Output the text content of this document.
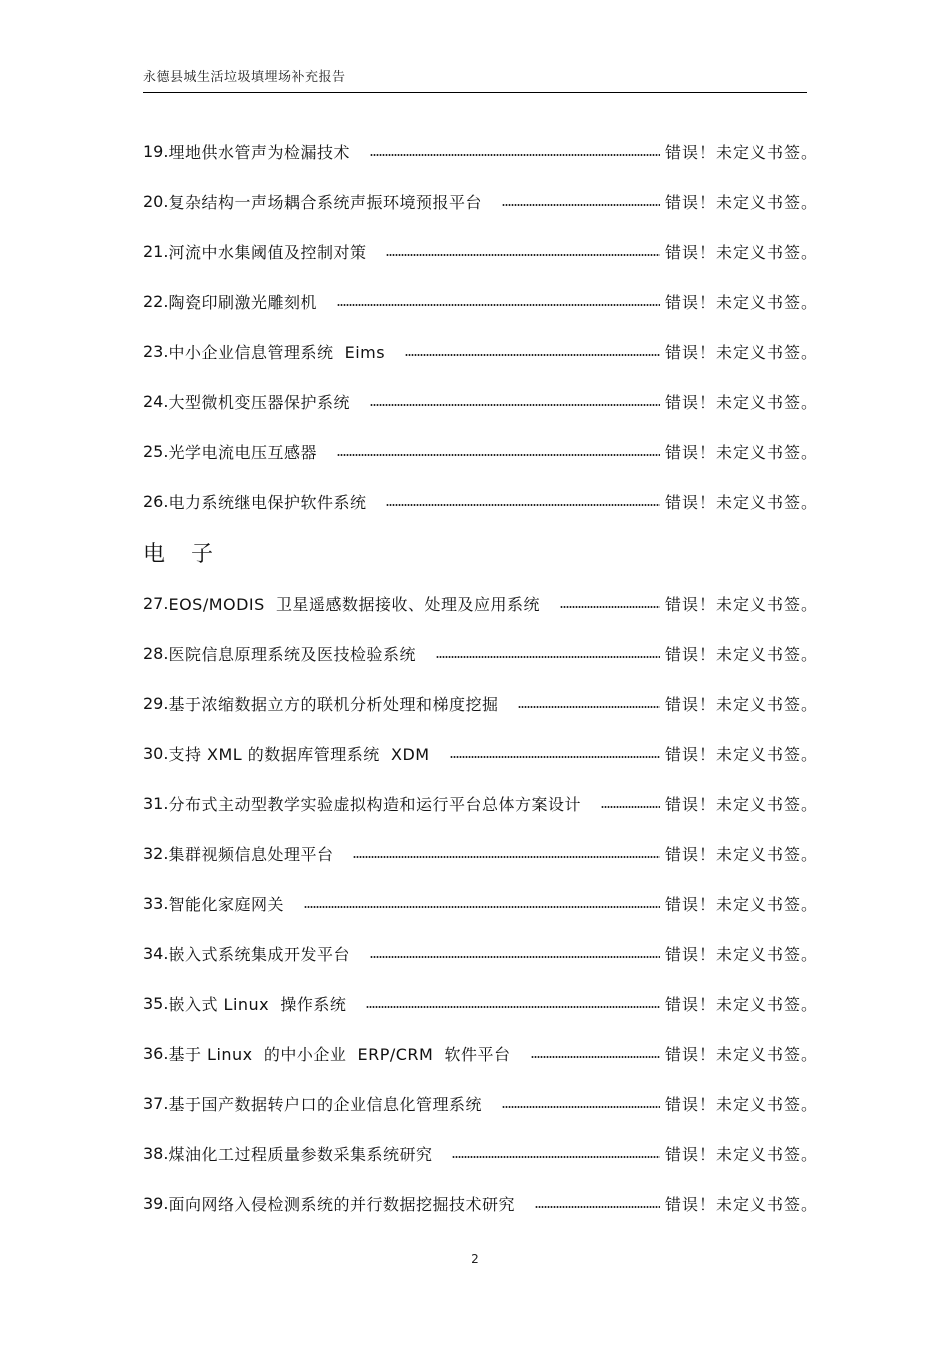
永德县城生活垃圾填埋场补充报告
19. 埋地供水管声为检漏技术	错误！未定义书签。
20. 复杂结构一声场耦合系统声振环境预报平台	错误！未定义书签。
21. 河流中水集阈值及控制对策	错误！未定义书签。
22. 陶瓷印刷激光雕刻机	错误！未定义书签。
23. 中小企业信息管理系统  Eims	错误！未定义书签。
24. 大型微机变压器保护系统	错误！未定义书签。
25. 光学电流电压互感器	错误！未定义书签。
26. 电力系统继电保护软件系统	错误！未定义书签。
电子
27. EOS/MODIS  卫星遥感数据接收、处理及应用系统	错误！未定义书签。
28. 医院信息原理系统及医技检验系统	错误！未定义书签。
29. 基于浓缩数据立方的联机分析处理和梯度挖掘	错误！未定义书签。
30. 支持 XML 的数据库管理系统  XDM	错误！未定义书签。
31. 分布式主动型教学实验虚拟构造和运行平台总体方案设计	错误！未定义书签。
32. 集群视频信息处理平台	错误！未定义书签。
33. 智能化家庭网关	错误！未定义书签。
34. 嵌入式系统集成开发平台	错误！未定义书签。
35. 嵌入式 Linux  操作系统	错误！未定义书签。
36. 基于 Linux  的中小企业  ERP/CRM  软件平台	错误！未定义书签。
37. 基于国产数据转户口的企业信息化管理系统	错误！未定义书签。
38. 煤油化工过程质量参数采集系统研究	错误！未定义书签。
39. 面向网络入侵检测系统的并行数据挖掘技术研究	错误！未定义书签。
2
